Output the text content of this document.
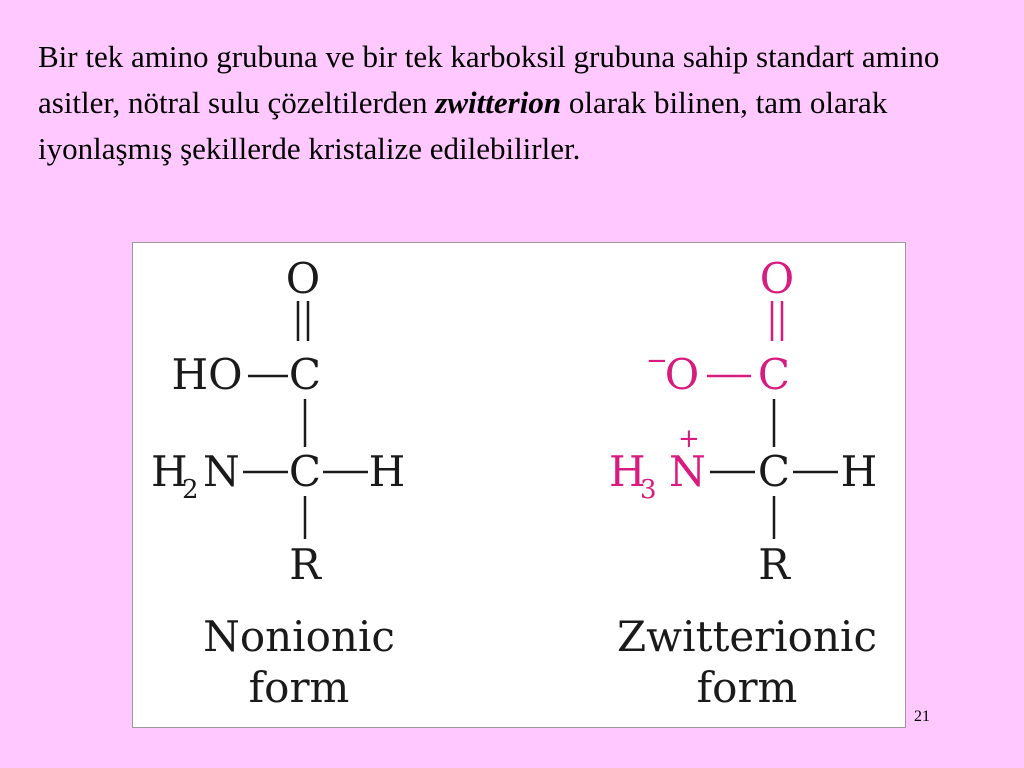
Bir tek amino grubuna ve bir tek karboksil grubuna sahip standart amino asitler, nötral sulu çözeltilerden zwitterion olarak bilinen, tam olarak iyonlaşmış şekillerde kristalize edilebilirler.

O
HO C
H
2 N C H
R
Nonionic
form
O
−
O C
H
3 N
+
C H
R
Zwitterionic
form
21
